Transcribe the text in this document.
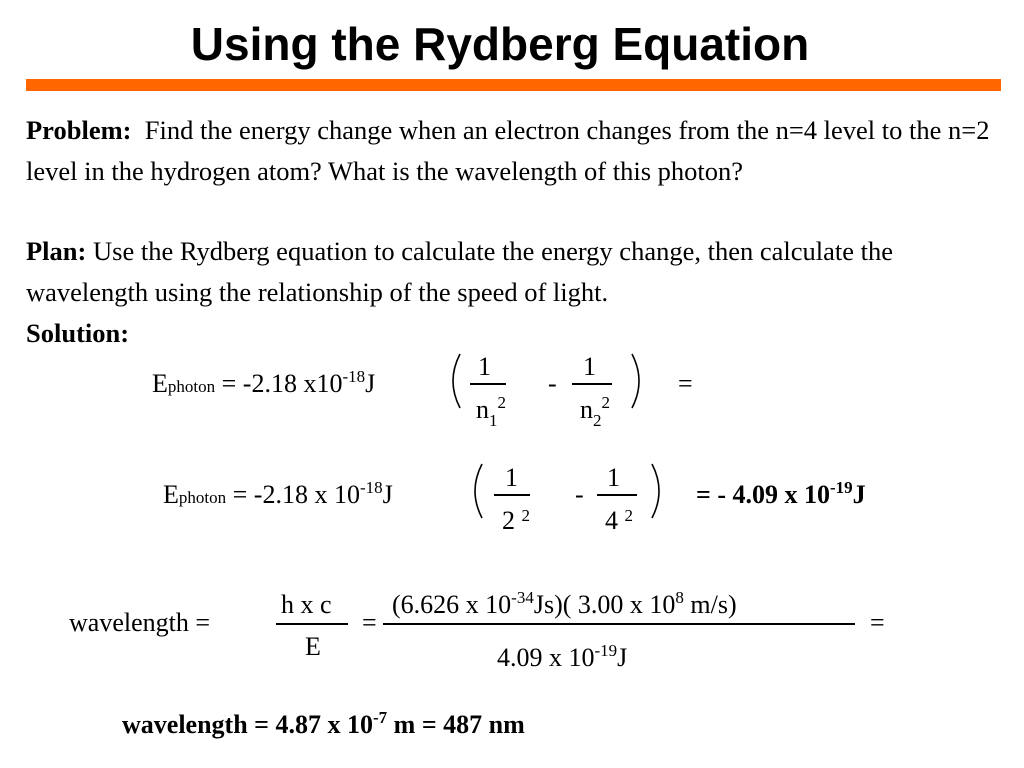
Using the Rydberg Equation
Problem: Find the energy change when an electron changes from the n=4 level to the n=2 level in the hydrogen atom? What is the wavelength of this photon?
Plan: Use the Rydberg equation to calculate the energy change, then calculate the wavelength using the relationship of the speed of light.
Solution:
Ephoton = -2.18 $x10^{-18}J$
1
$n_1^2$
-
1
$n_2^2$
=
Ephoton = -2.18 x $10^{-18}J$
1
2 $^2$
-
1
4 $^2$
= - 4.09 x $10^{-19}J$
wavelength =
h x c
E
=
(6.626 x $10^{-34}Js$)( 3.00 x $10^8$ m/s)
4.09 x $10^{-19}J$
=
wavelength = 4.87 x $10^{-7}$ m = 487 nm
